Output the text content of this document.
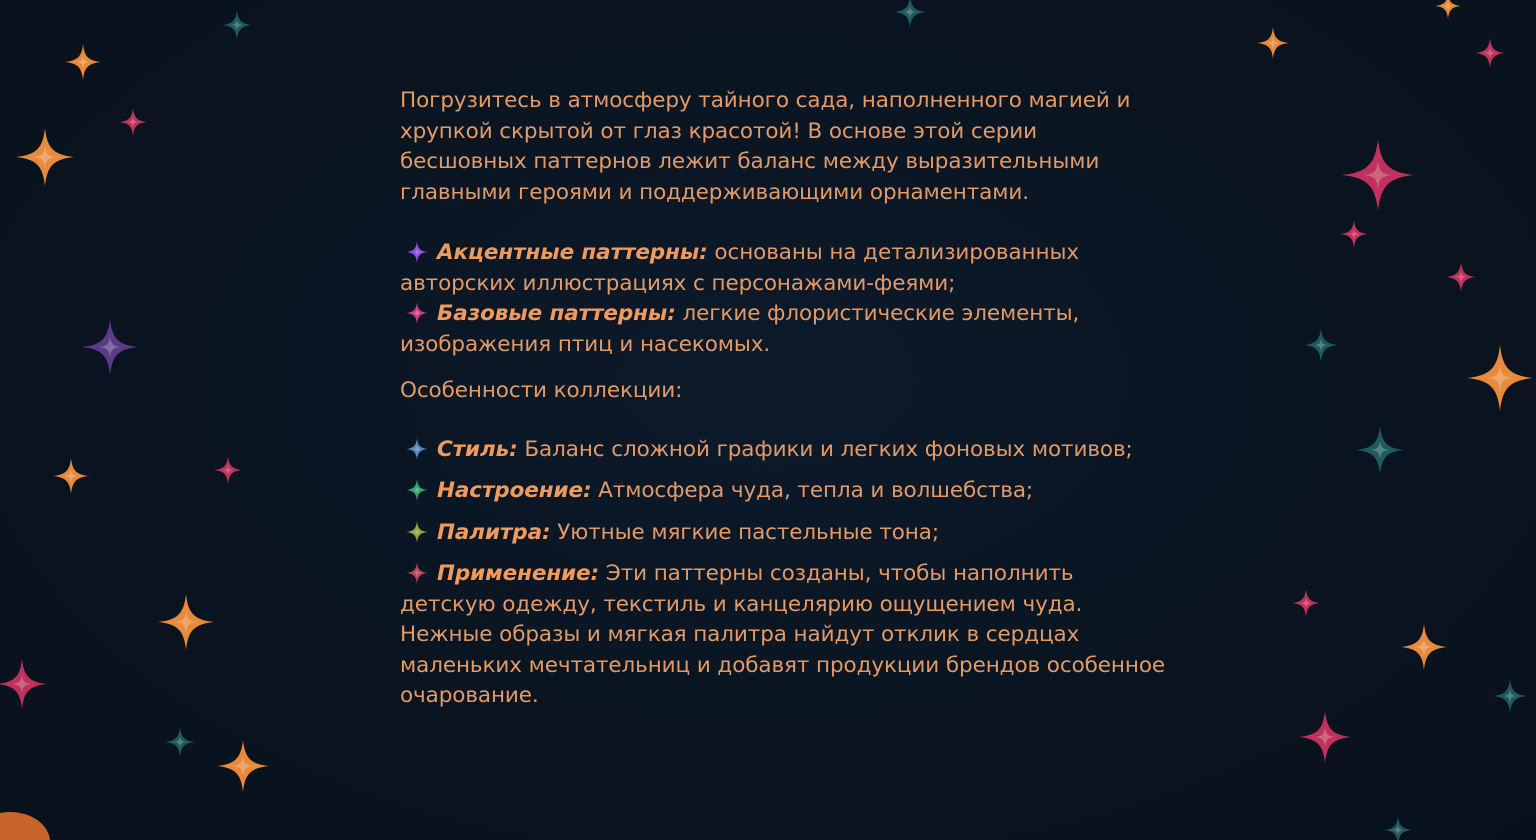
Погрузитесь в атмосферу тайного сада, наполненного магией и хрупкой скрытой от глаз красотой! В основе этой серии бесшовных паттернов лежит баланс между выразительными главными героями и поддерживающими орнаментами.

Акцентные паттерны: основаны на детализированных авторских иллюстрациях с персонажами-феями;

Базовые паттерны: легкие флористические элементы, изображения птиц и насекомых.

Особенности коллекции:

Стиль: Баланс сложной графики и легких фоновых мотивов;

Настроение: Атмосфера чуда, тепла и волшебства;

Палитра: Уютные мягкие пастельные тона;

Применение: Эти паттерны созданы, чтобы наполнить детскую одежду, текстиль и канцелярию ощущением чуда. Нежные образы и мягкая палитра найдут отклик в сердцах маленьких мечтательниц и добавят продукции брендов особенное очарование.
